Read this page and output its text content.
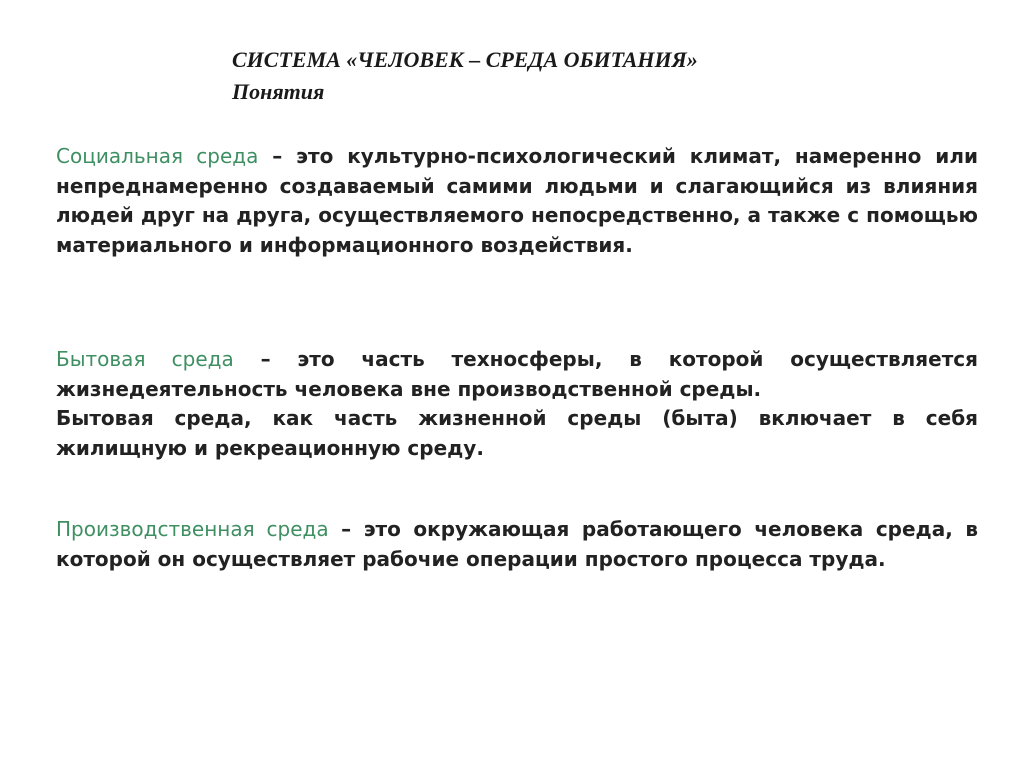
СИСТЕМА «ЧЕЛОВЕК – СРЕДА ОБИТАНИЯ»
Понятия
Социальная среда – это культурно-психологический климат, намеренно или непреднамеренно создаваемый самими людьми и слагающийся из влияния людей друг на друга, осуществляемого непосредственно, а также с помощью материального и информационного воздействия.
Бытовая среда – это часть техносферы, в которой осуществляется жизнедеятельность человека вне производственной среды.
Бытовая среда, как часть жизненной среды (быта) включает в себя жилищную и рекреационную среду.
Производственная среда – это окружающая работающего человека среда, в которой он осуществляет рабочие операции простого процесса труда.
